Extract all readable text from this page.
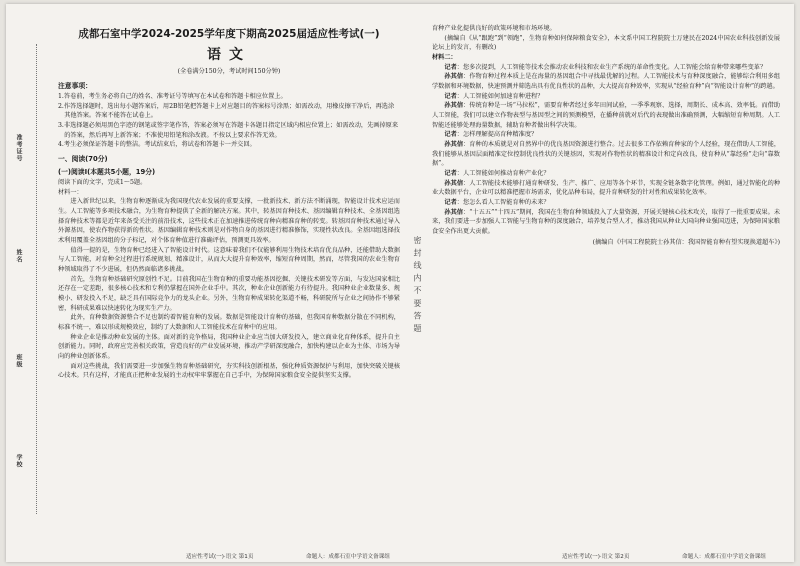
准考证号
姓名
班级
学校
密 封 线 内 不 要 答 题
成都石室中学2024-2025学年度下期高2025届适应性考试(一)
语文
(全卷满分150分，考试时间150分钟)
注意事项：

1.答卷前，考生务必将自己的姓名、准考证号等填写在本试卷和答题卡相应位置上。

2.作答选择题时，选出每小题答案后，用2B铅笔把答题卡上对应题目的答案标号涂黑；如需改动，用橡皮擦干净后，再选涂其他答案。答案不能答在试卷上。

3.非选择题必须用黑色字迹的钢笔或签字笔作答，答案必须写在答题卡各题目指定区域内相应位置上；如需改动，先画掉原来的答案，然后再写上新答案；不准使用铅笔和涂改液。不按以上要求作答无效。

4.考生必须保证答题卡的整洁。考试结束后，将试卷和答题卡一并交回。

一、阅读(70分)
(一)阅读Ⅰ(本题共5小题，19分)

阅读下面的文字，完成1～5题。

材料一：

进入新世纪以来，生物育种逐渐成为我国现代农业发展的重要支撑，一批新技术、新方法不断涌现，智能设计技术应运而生。人工智能等多项技术融合，为生物育种提供了全新的解决方案。其中，转基因育种技术、基因编辑育种技术、全基因组选择育种技术等都是近年来备受关注的前沿技术，这些技术正在加速推进传统育种向精准育种的转变。转基因育种技术通过导入外源基因，使农作物获得新的性状。基因编辑育种技术则是对作物自身的基因进行精准修饰，实现性状改良。全基因组选择技术利用覆盖全基因组的分子标记，对个体育种值进行准确评估，预测更具效率。

值得一提的是，生物育种已经进入了智能设计时代。这意味着我们不仅能够利用生物技术培育优良品种，还能借助大数据与人工智能，对育种全过程进行系统规划、精准设计，从而大大提升育种效率，缩短育种周期，然而，尽管我国的农业生物育种领域取得了不少进展，但仍然面临诸多挑战。

首先，生物育种基础研究原创性不足。目前我国在生物育种的重要功能基因挖掘、关键技术研发等方面，与发达国家相比还存在一定差距，很多核心技术和专利仍掌握在国外企业手中。其次，种业企业创新能力有待提升。我国种业企业数量多、规模小、研发投入不足，缺乏具有国际竞争力的龙头企业。另外，生物育种成果转化渠道不畅，科研院所与企业之间协作不够紧密，科研成果难以快速转化为现实生产力。

此外，育种数据资源整合不足也制约着智能育种的发展。数据是智能设计育种的基础，但我国育种数据分散在不同机构，标准不统一，难以形成规模效应，制约了大数据和人工智能技术在育种中的应用。

种业企业是推动种业发展的主体。面对新的竞争格局，我国种业企业应当加大研发投入，建立商业化育种体系，提升自主创新能力。同时，政府应完善相关政策，营造良好的产业发展环境，推动产学研深度融合，加快构建以企业为主体、市场为导向的种业创新体系。

面对这些挑战，我们需要进一步加强生物育种基础研究，夯实科技创新根基，强化种质资源保护与利用，加快突破关键核心技术。只有这样，才能真正把种业发展的主动权牢牢掌握在自己手中，为保障国家粮食安全提供坚实支撑。

育种产业化提供良好的政策环境和市场环境。

(摘编自《从“跟跑”到“领跑”，生物育种如何保障粮食安全》，本文系中国工程院院士万建民在2024中国农业科技创新发展论坛上的发言，有删改)

材料二：

记者：您多次提到，人工智能等技术会推动农业科技和农业生产系统的革命性变化。人工智能会给育种带来哪些变革？

孙其信：作物育种过程本质上是在海量的基因组合中寻找最优解的过程。人工智能技术与育种深度融合，能够综合利用多组学数据和环境数据，快速预测并筛选出具有优良性状的品种，大大提高育种效率，实现从“经验育种”向“智能设计育种”的跨越。

记者：人工智能如何加速育种进程？

孙其信：传统育种是一场“马拉松”，需要育种者经过多年田间试验，一季季观察、选择，周期长、成本高、效率低。而借助人工智能，我们可以建立作物表型与基因型之间的预测模型，在播种前就对后代的表现做出准确预测，大幅缩短育种周期。人工智能还能够处理海量数据，辅助育种者做出科学决策。

记者：怎样理解提高育种精准度？

孙其信：育种的本质就是对自然界中的优良基因资源进行整合。过去很多工作依赖育种家的个人经验，现在借助人工智能，我们能够从基因层面精准定位控制优良性状的关键基因，实现对作物性状的精准设计和定向改良，使育种从“靠经验”走向“靠数据”。

记者：人工智能如何推动育种产业化？

孙其信：人工智能技术能够打通育种研发、生产、推广、应用等各个环节，实现全链条数字化管理。例如，通过智能化的种业大数据平台，企业可以精准把握市场需求，优化品种布局，提升育种研发的针对性和成果转化效率。

记者：您怎么看人工智能育种的未来？

孙其信：“十五五”“十四五”期间，我国在生物育种领域投入了大量资源，开展关键核心技术攻关，取得了一批重要成果。未来，我们要进一步加强人工智能与生物育种的深度融合，培养复合型人才，推动我国从种业大国向种业强国迈进，为保障国家粮食安全作出更大贡献。

(摘编自《中国工程院院士孙其信：我国智能育种有望实现换道超车》)

适应性考试(一)·语文 第1页	命题人：成都石室中学语文备课组	适应性考试(一)·语文 第2页	命题人：成都石室中学语文备课组
